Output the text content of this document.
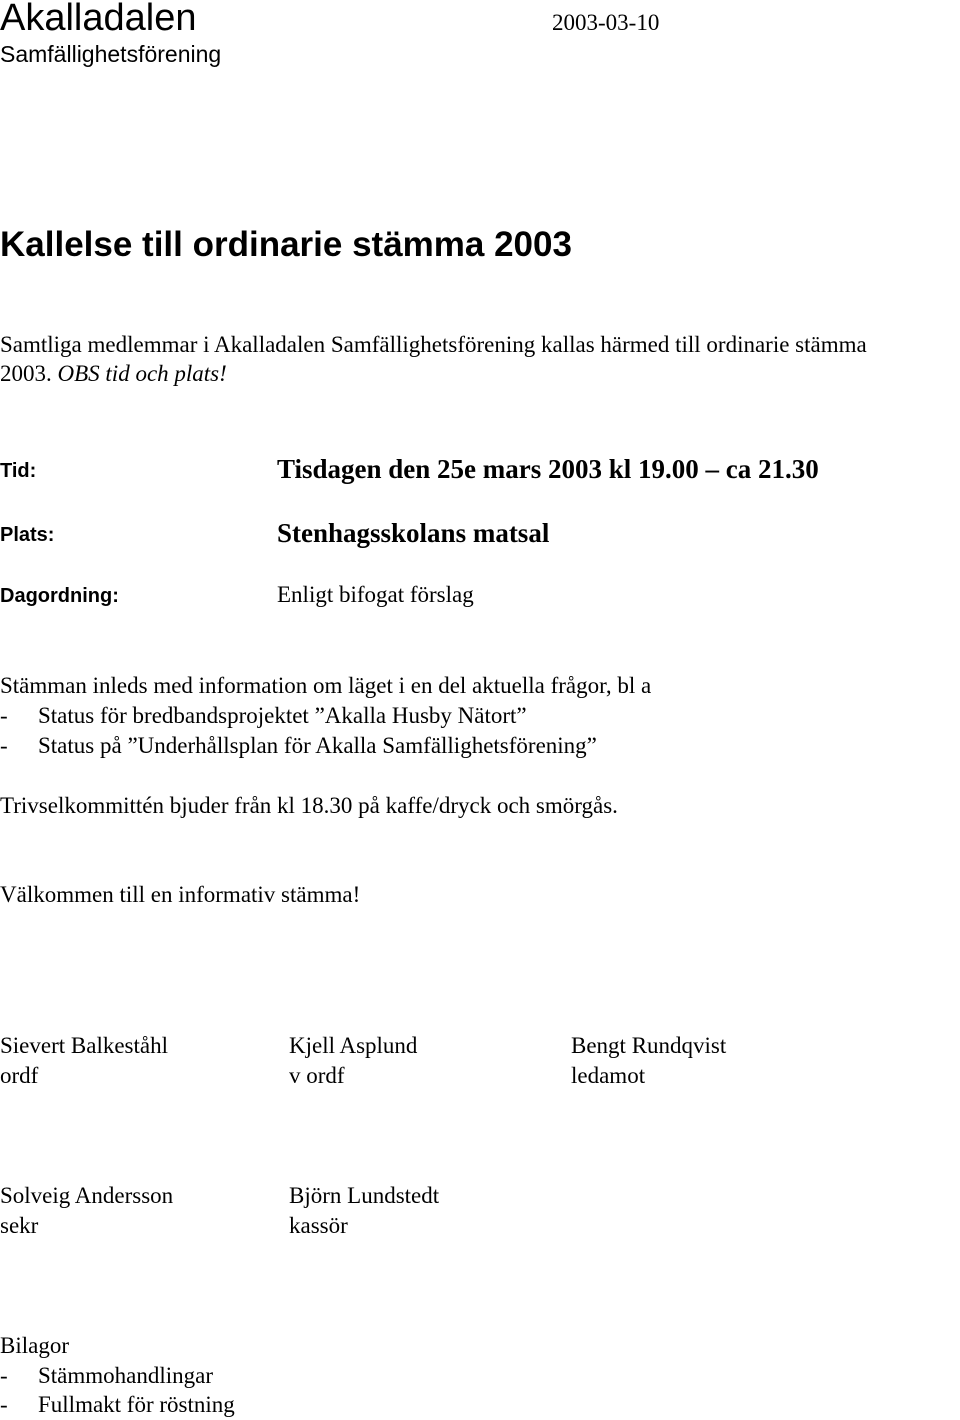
Akalladalen
Samfällighetsförening
2003-03-10
Kallelse till ordinarie stämma 2003
Samtliga medlemmar i Akalladalen Samfällighetsförening kallas härmed till ordinarie stämma
2003. OBS tid och plats!
Tid:	Tisdagen den 25e mars 2003 kl 19.00 – ca 21.30
Plats:	Stenhagsskolans matsal
Dagordning:	Enligt bifogat förslag
Stämman inleds med information om läget i en del aktuella frågor, bl a
- Status för bredbandsprojektet ”Akalla Husby Nätort”
- Status på ”Underhållsplan för Akalla Samfällighetsförening”
Trivselkommittén bjuder från kl 18.30 på kaffe/dryck och smörgås.
Välkommen till en informativ stämma!
Sievert Balkeståhl
ordf
Kjell Asplund
v ordf
Bengt Rundqvist
ledamot
Solveig Andersson
sekr
Björn Lundstedt
kassör
Bilagor
- Stämmohandlingar
- Fullmakt för röstning
